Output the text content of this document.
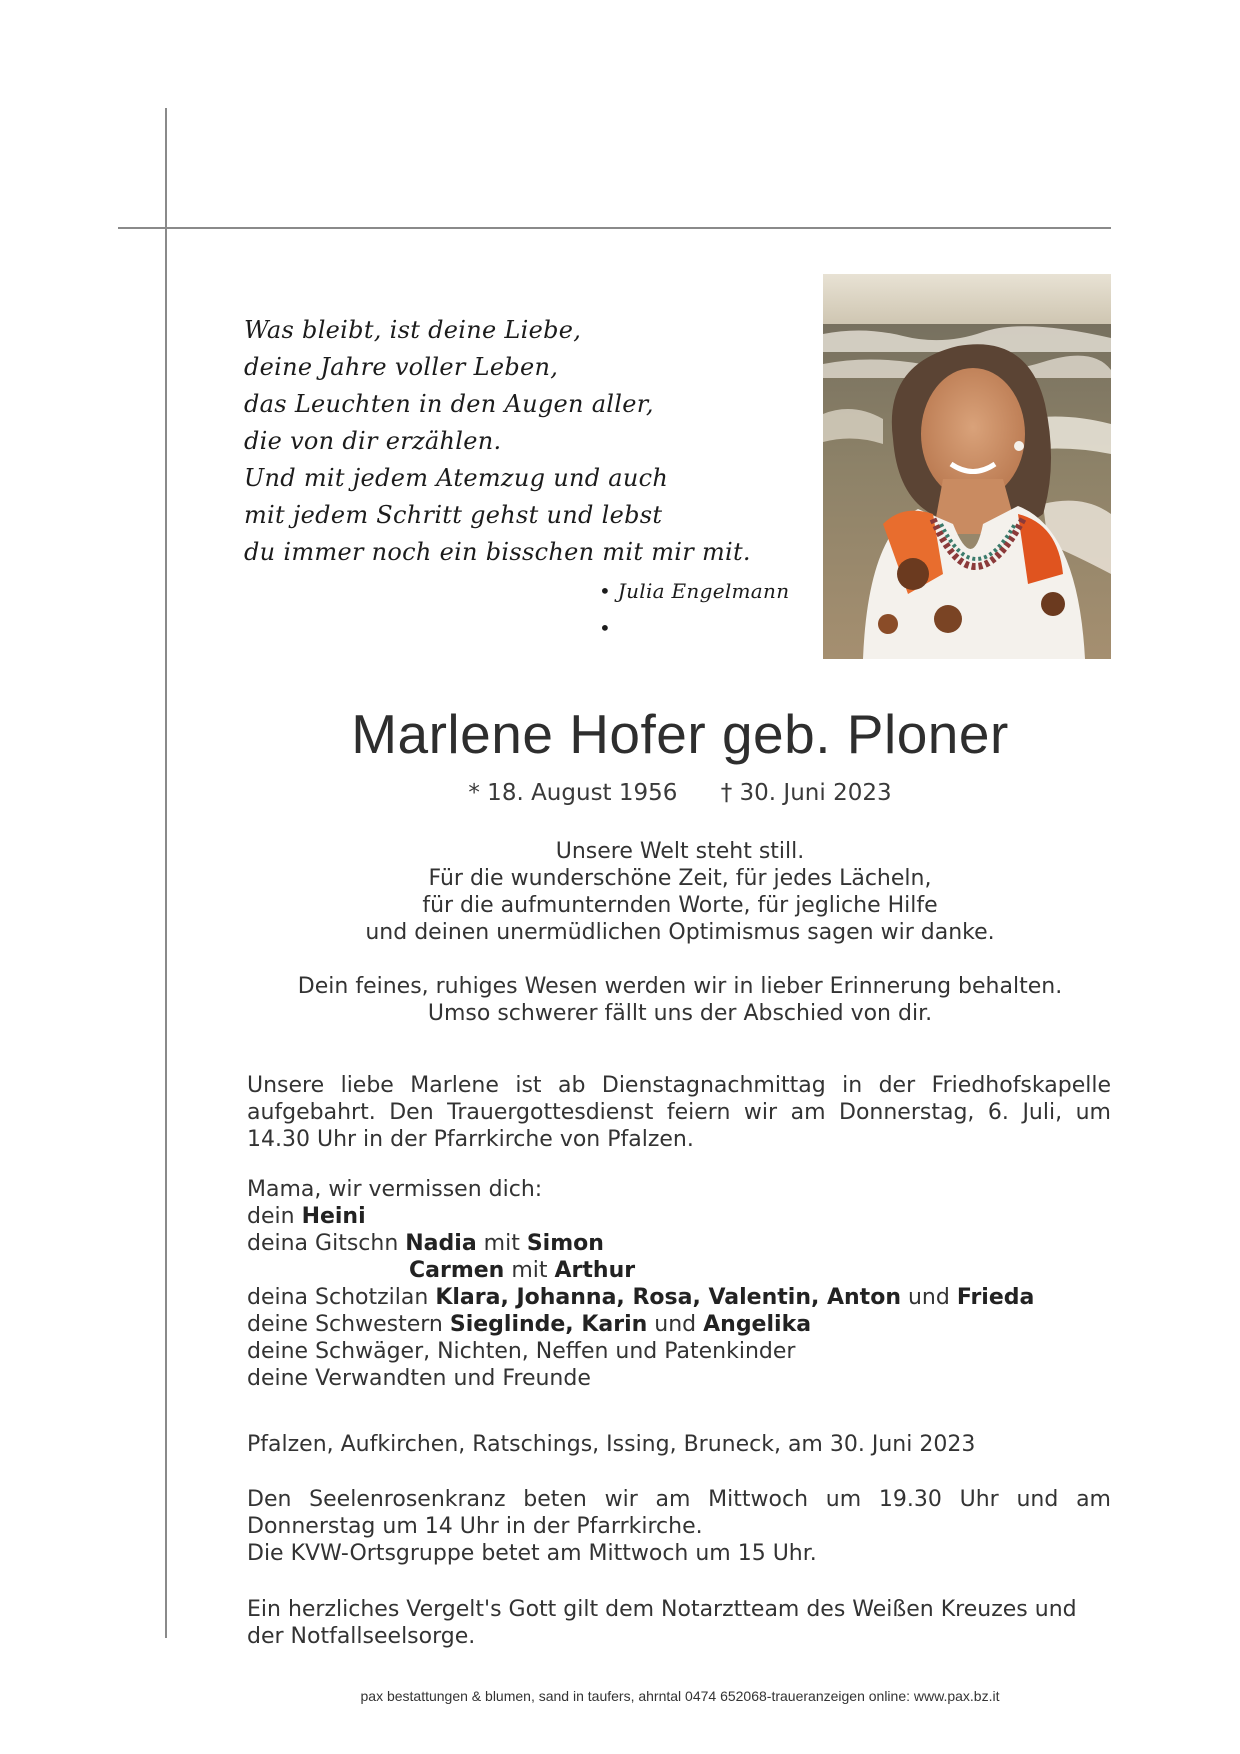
Was bleibt, ist deine Liebe,
deine Jahre voller Leben,
das Leuchten in den Augen aller,
die von dir erzählen.
Und mit jedem Atemzug und auch
mit jedem Schritt gehst und lebst
du immer noch ein bisschen mit mir mit.
• Julia Engelmann •
Marlene Hofer geb. Ploner
* 18. August 1956 † 30. Juni 2023
Unsere Welt steht still.
Für die wunderschöne Zeit, für jedes Lächeln,
für die aufmunternden Worte, für jegliche Hilfe
und deinen unermüdlichen Optimismus sagen wir danke.
Dein feines, ruhiges Wesen werden wir in lieber Erinnerung behalten.
Umso schwerer fällt uns der Abschied von dir.
Unsere liebe Marlene ist ab Dienstagnachmittag in der Friedhofskapelle aufgebahrt. Den Trauergottesdienst feiern wir am Donnerstag, 6. Juli, um 14.30 Uhr in der Pfarrkirche von Pfalzen.
Mama, wir vermissen dich:
dein Heini
deina Gitschn Nadia mit Simon
Carmen mit Arthur
deina Schotzilan Klara, Johanna, Rosa, Valentin, Anton und Frieda
deine Schwestern Sieglinde, Karin und Angelika
deine Schwäger, Nichten, Neffen und Patenkinder
deine Verwandten und Freunde
Pfalzen, Aufkirchen, Ratschings, Issing, Bruneck, am 30. Juni 2023
Den Seelenrosenkranz beten wir am Mittwoch um 19.30 Uhr und am Donnerstag um 14 Uhr in der Pfarrkirche.
Die KVW-Ortsgruppe betet am Mittwoch um 15 Uhr.
Ein herzliches Vergelt's Gott gilt dem Notarztteam des Weißen Kreuzes und
der Notfallseelsorge.
pax bestattungen & blumen, sand in taufers, ahrntal 0474 652068-traueranzeigen online: www.pax.bz.it
